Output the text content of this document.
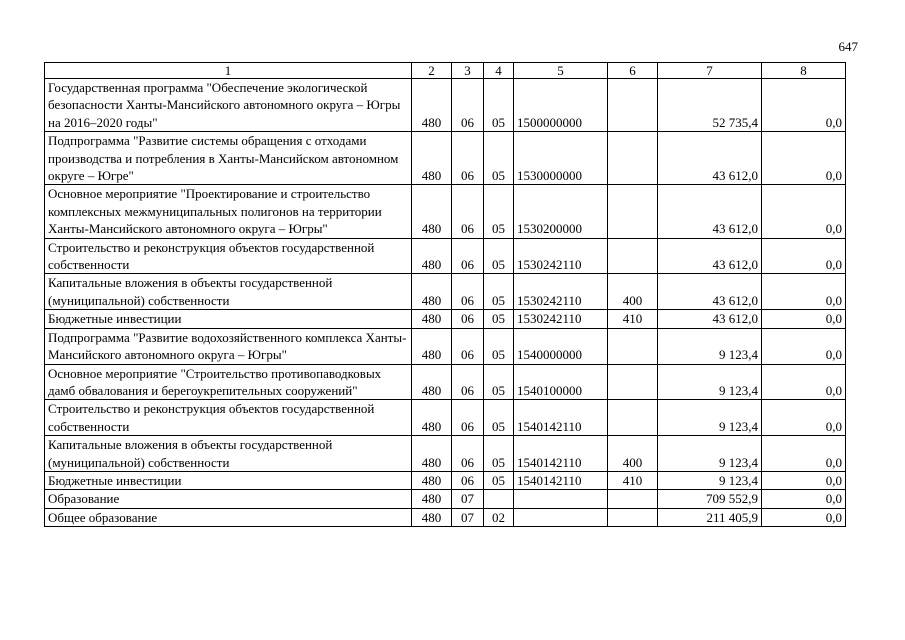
647
1	2	3	4	5	6	7	8
Государственная программа "Обеспечение экологической безопасности Ханты-Мансийского автономного округа – Югры на 2016–2020 годы"	480	06	05	1500000000		52 735,4	0,0
Подпрограмма "Развитие системы обращения с отходами производства и потребления в Ханты-Мансийском автономном округе – Югре"	480	06	05	1530000000		43 612,0	0,0
Основное мероприятие "Проектирование и строительство комплексных межмуниципальных полигонов на территории Ханты-Мансийского автономного округа – Югры"	480	06	05	1530200000		43 612,0	0,0
Строительство и реконструкция объектов государственной собственности	480	06	05	1530242110		43 612,0	0,0
Капитальные вложения в объекты государственной (муниципальной) собственности	480	06	05	1530242110	400	43 612,0	0,0
Бюджетные инвестиции	480	06	05	1530242110	410	43 612,0	0,0
Подпрограмма "Развитие водохозяйственного комплекса Ханты-Мансийского автономного округа – Югры"	480	06	05	1540000000		9 123,4	0,0
Основное мероприятие "Строительство противопаводковых дамб обвалования и берегоукрепительных сооружений"	480	06	05	1540100000		9 123,4	0,0
Строительство и реконструкция объектов государственной собственности	480	06	05	1540142110		9 123,4	0,0
Капитальные вложения в объекты государственной (муниципальной) собственности	480	06	05	1540142110	400	9 123,4	0,0
Бюджетные инвестиции	480	06	05	1540142110	410	9 123,4	0,0
Образование	480	07				709 552,9	0,0
Общее образование	480	07	02			211 405,9	0,0
